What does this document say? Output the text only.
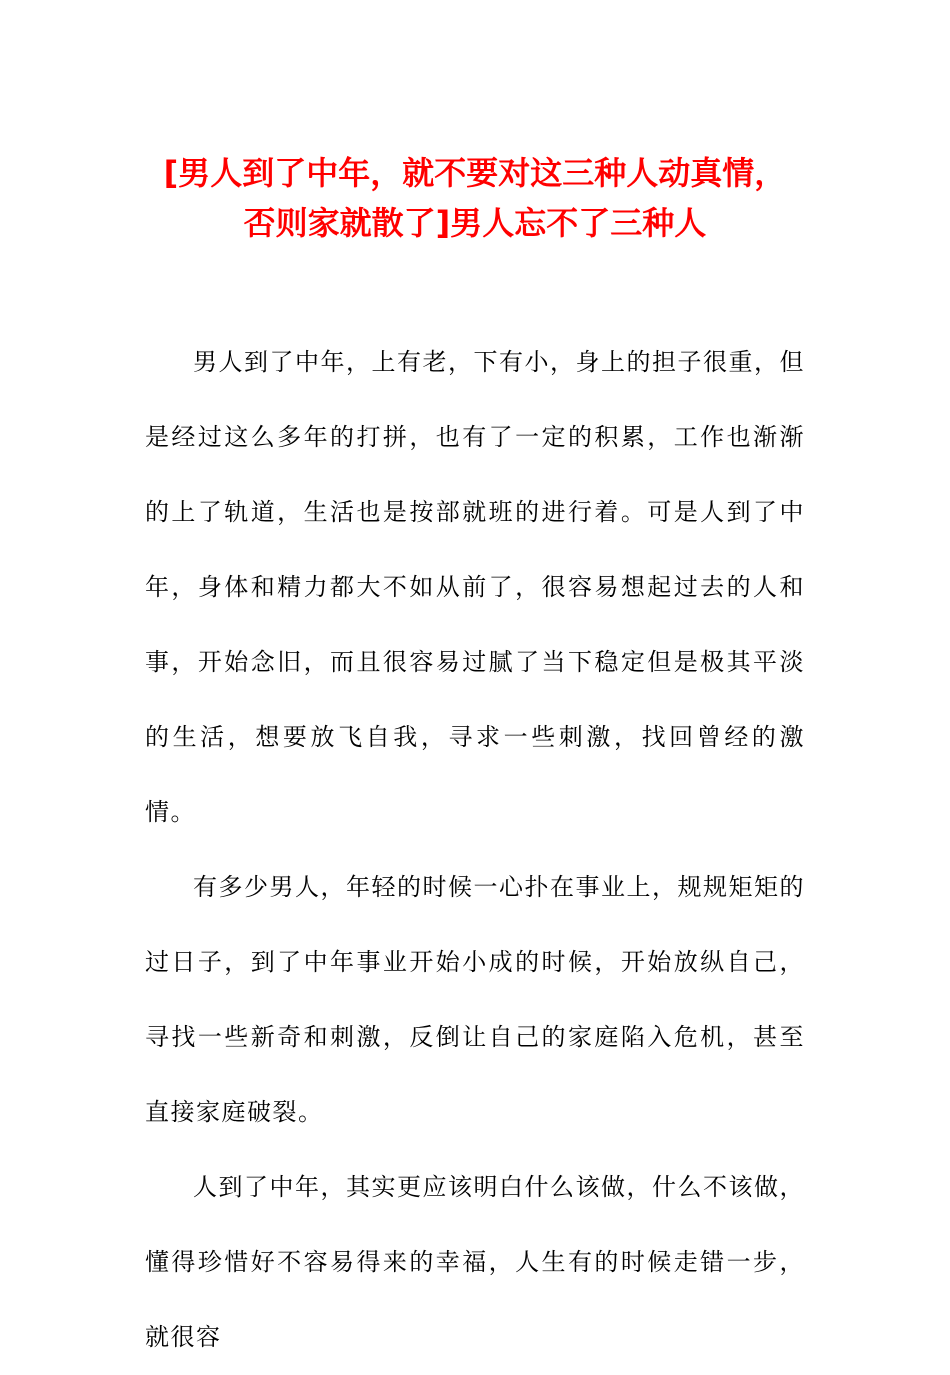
[男人到了中年，就不要对这三种人动真情，
否则家就散了]男人忘不了三种人

男人到了中年，上有老，下有小，身上的担子很重，但是经过这么多年的打拼，也有了一定的积累，工作也渐渐的上了轨道，生活也是按部就班的进行着。可是人到了中年，身体和精力都大不如从前了，很容易想起过去的人和事，开始念旧，而且很容易过腻了当下稳定但是极其平淡的生活，想要放飞自我，寻求一些刺激，找回曾经的激情。

有多少男人，年轻的时候一心扑在事业上，规规矩矩的过日子，到了中年事业开始小成的时候，开始放纵自己，寻找一些新奇和刺激，反倒让自己的家庭陷入危机，甚至直接家庭破裂。

人到了中年，其实更应该明白什么该做，什么不该做，懂得珍惜好不容易得来的幸福，人生有的时候走错一步，就很容
